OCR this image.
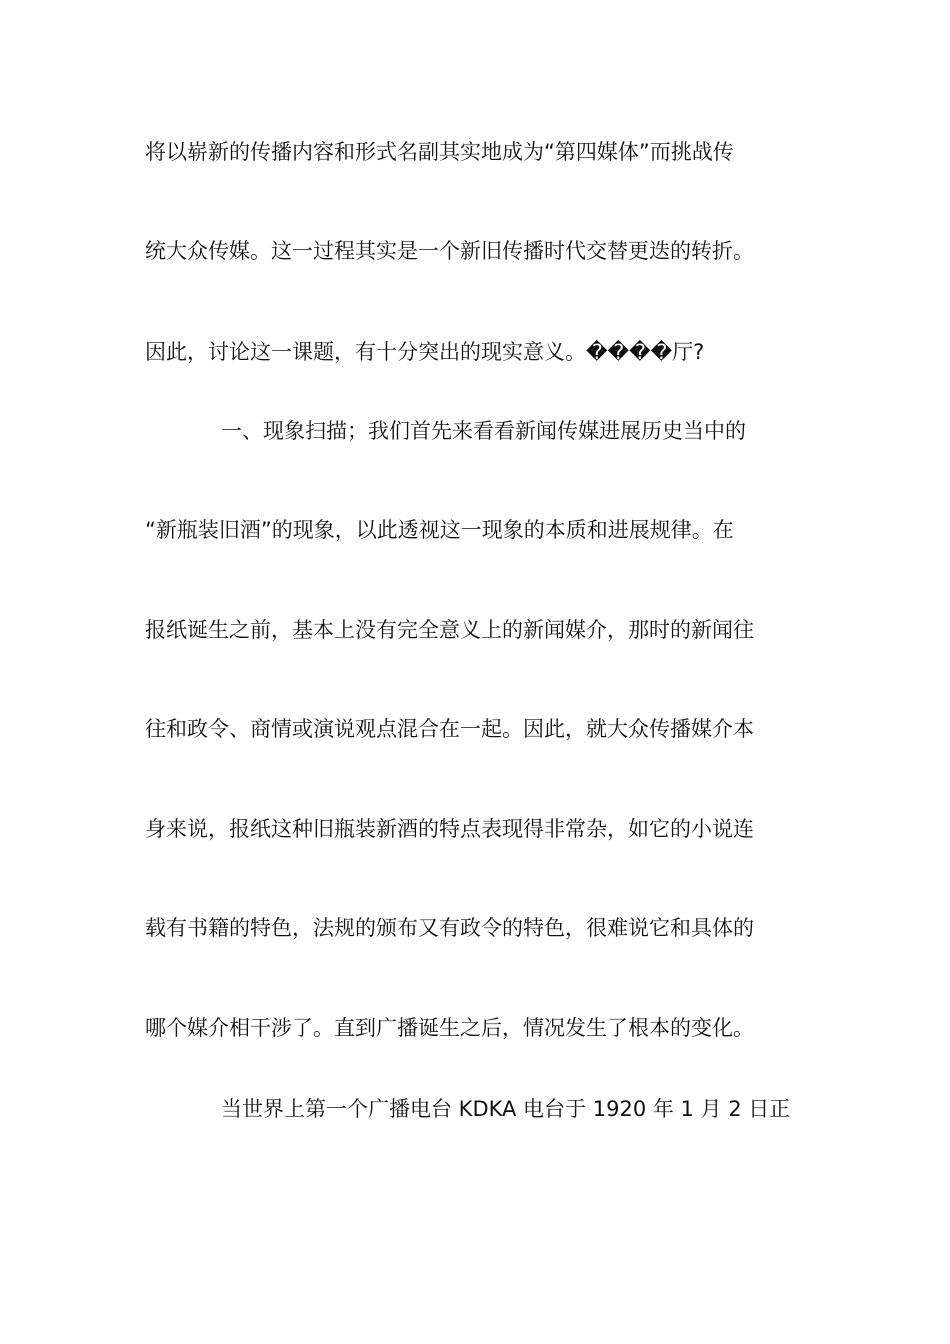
将以崭新的传播内容和形式名副其实地成为“第四媒体”而挑战传
统大众传媒。这一过程其实是一个新旧传播时代交替更迭的转折。
因此，讨论这一课题，有十分突出的现实意义。����厅?
一、现象扫描；我们首先来看看新闻传媒进展历史当中的
“新瓶装旧酒”的现象，以此透视这一现象的本质和进展规律。在
报纸诞生之前，基本上没有完全意义上的新闻媒介，那时的新闻往
往和政令、商情或演说观点混合在一起。因此，就大众传播媒介本
身来说，报纸这种旧瓶装新酒的特点表现得非常杂，如它的小说连
载有书籍的特色，法规的颁布又有政令的特色，很难说它和具体的
哪个媒介相干涉了。直到广播诞生之后，情况发生了根本的变化。
当世界上第一个广播电台 KDKA 电台于 1920 年 1 月 2 日正
